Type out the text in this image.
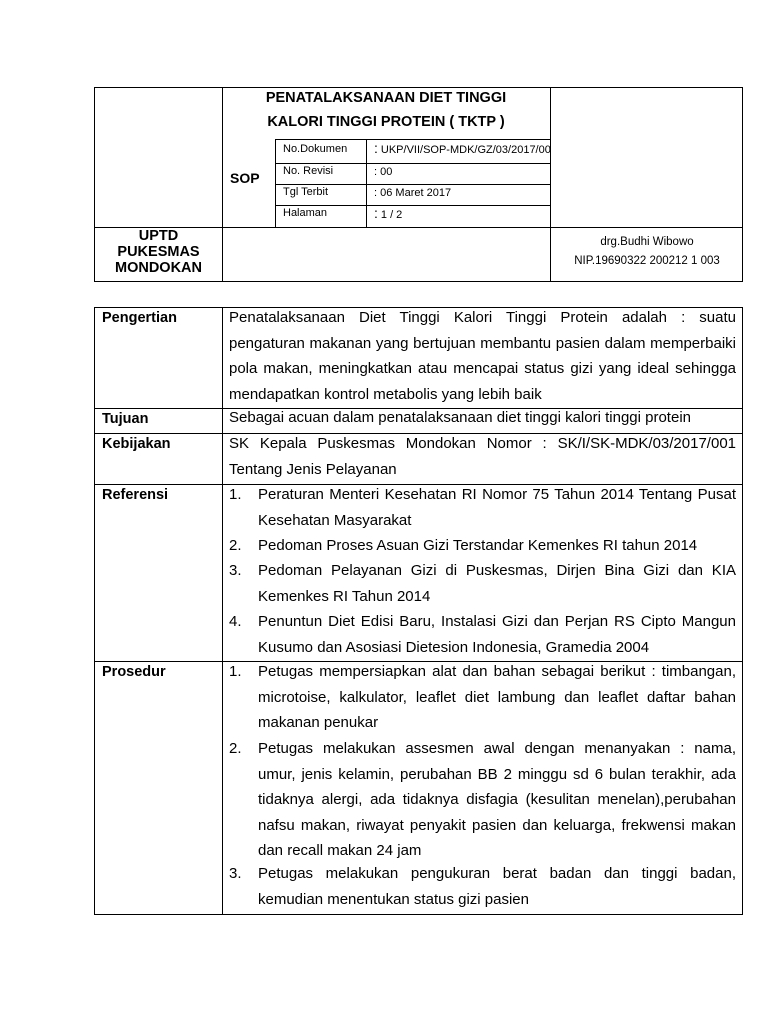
PENATALAKSANAAN DIET TINGGI
KALORI TINGGI PROTEIN ( TKTP )
SOP
No.Dokumen : UKP/VII/SOP-MDK/GZ/03/2017/00
No. Revisi	: 00
Tgl Terbit	: 06 Maret 2017
Halaman	: 1 / 2
UPTD
PUKESMAS
MONDOKAN
drg.Budhi Wibowo
NIP.19690322 200212 1 003
Pengertian	Penatalaksanaan Diet Tinggi Kalori Tinggi Protein adalah : suatu pengaturan makanan yang bertujuan membantu pasien dalam memperbaiki pola makan, meningkatkan atau mencapai status gizi yang ideal sehingga mendapatkan kontrol metabolis yang lebih baik
Tujuan	Sebagai acuan dalam penatalaksanaan diet tinggi kalori tinggi protein
Kebijakan	SK Kepala Puskesmas Mondokan Nomor : SK/I/SK-MDK/03/2017/001 Tentang Jenis Pelayanan
Referensi	1. Peraturan Menteri Kesehatan RI Nomor 75 Tahun 2014 Tentang Pusat Kesehatan Masyarakat
2. Pedoman Proses Asuan Gizi Terstandar Kemenkes RI tahun 2014
3. Pedoman Pelayanan Gizi di Puskesmas, Dirjen Bina Gizi dan KIA Kemenkes RI Tahun 2014
4. Penuntun Diet Edisi Baru, Instalasi Gizi dan Perjan RS Cipto Mangun Kusumo dan Asosiasi Dietesion Indonesia, Gramedia 2004
Prosedur	1. Petugas mempersiapkan alat dan bahan sebagai berikut : timbangan, microtoise, kalkulator, leaflet diet lambung dan leaflet daftar bahan makanan penukar
2. Petugas melakukan assesmen awal dengan menanyakan : nama, umur, jenis kelamin, perubahan BB 2 minggu sd 6 bulan terakhir, ada tidaknya alergi, ada tidaknya disfagia (kesulitan menelan),perubahan nafsu makan, riwayat penyakit pasien dan keluarga, frekwensi makan dan recall makan 24 jam
3. Petugas melakukan pengukuran berat badan dan tinggi badan, kemudian menentukan status gizi pasien
